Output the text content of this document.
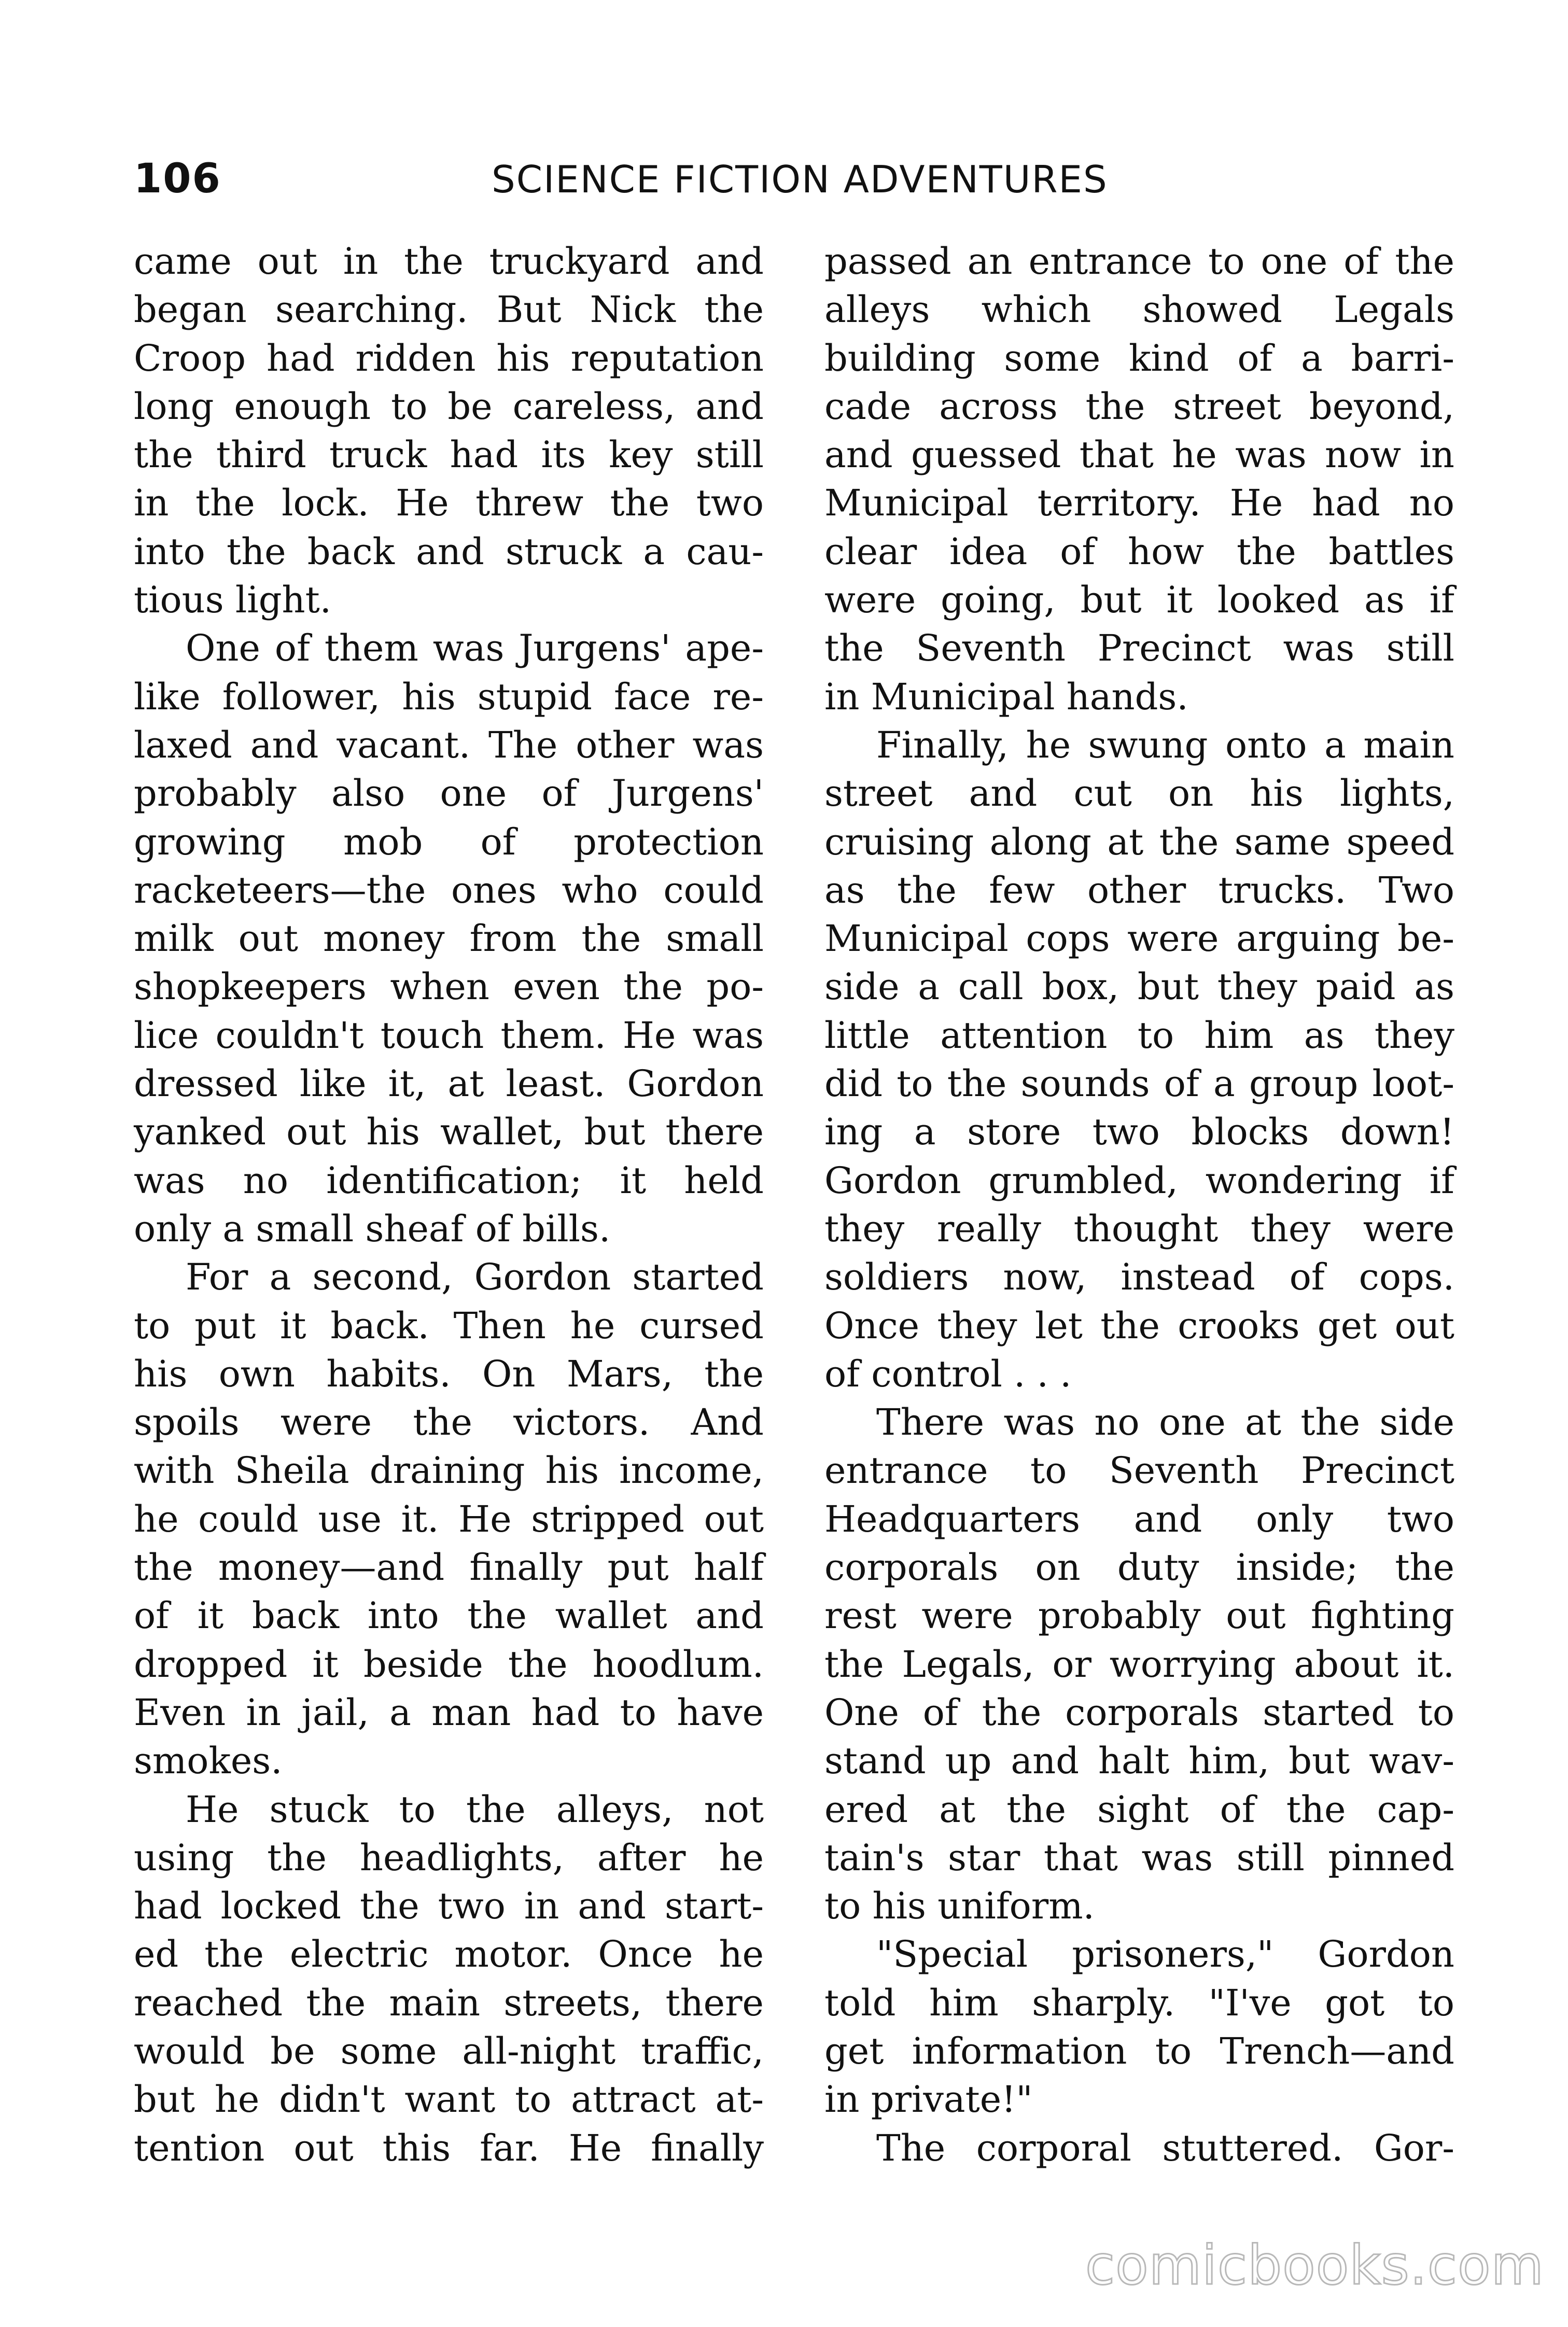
106	SCIENCE FICTION ADVENTURES

came out in the truckyard and
began searching. But Nick the
Croop had ridden his reputation
long enough to be careless, and
the third truck had its key still
in the lock. He threw the two
into the back and struck a cau-
tious light.

One of them was Jurgens' ape-
like follower, his stupid face re-
laxed and vacant. The other was
probably also one of Jurgens'
growing mob of protection
racketeers—the ones who could
milk out money from the small
shopkeepers when even the po-
lice couldn't touch them. He was
dressed like it, at least. Gordon
yanked out his wallet, but there
was no identification; it held
only a small sheaf of bills.

For a second, Gordon started
to put it back. Then he cursed
his own habits. On Mars, the
spoils were the victors. And
with Sheila draining his income,
he could use it. He stripped out
the money—and finally put half
of it back into the wallet and
dropped it beside the hoodlum.
Even in jail, a man had to have
smokes.

He stuck to the alleys, not
using the headlights, after he
had locked the two in and start-
ed the electric motor. Once he
reached the main streets, there
would be some all-night traffic,
but he didn't want to attract at-
tention out this far. He finally

passed an entrance to one of the
alleys which showed Legals
building some kind of a barri-
cade across the street beyond,
and guessed that he was now in
Municipal territory. He had no
clear idea of how the battles
were going, but it looked as if
the Seventh Precinct was still
in Municipal hands.

Finally, he swung onto a main
street and cut on his lights,
cruising along at the same speed
as the few other trucks. Two
Municipal cops were arguing be-
side a call box, but they paid as
little attention to him as they
did to the sounds of a group loot-
ing a store two blocks down!
Gordon grumbled, wondering if
they really thought they were
soldiers now, instead of cops.
Once they let the crooks get out
of control . . .

There was no one at the side
entrance to Seventh Precinct
Headquarters and only two
corporals on duty inside; the
rest were probably out fighting
the Legals, or worrying about it.
One of the corporals started to
stand up and halt him, but wav-
ered at the sight of the cap-
tain's star that was still pinned
to his uniform.

"Special prisoners," Gordon
told him sharply. "I've got to
get information to Trench—and
in private!"

The corporal stuttered. Gor-

comicbooks.com
